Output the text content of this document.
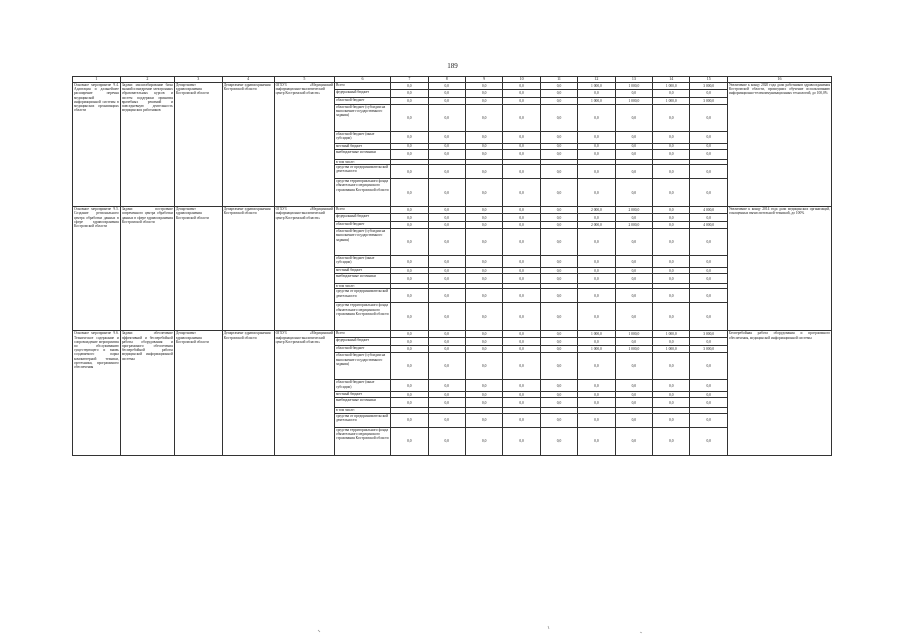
189
1	2	3	4	5	6	7	8	9	10	11	12	13	14	15	16
Основное мероприятие 9.4. Адаптация и дальнейшее расширение перечня медицинской информационной системы в медицинских организациях области	Задачи: масштабирование базы знаний и внедрение электронных образовательных курсов и систем поддержки принятия врачебных решений и повседневную деятельность медицинских работников	Департамент здравоохранения Костромской области	Департамент здравоохранения Костромской области	ОГБУЗ «Медицинский информационно-аналитический центр Костромской области»	Всего	0,0	0,0	0,0	0,0	0,0	1 000,0	1 000,0	1 000,0	3 000,0	Увеличение к концу 2020 года доли работников здравоохранения Костромской области, прошедших обучение использованию информационно-телекоммуникационных технологий, до 100,0%
					федеральный бюджет	0,0	0,0	0,0	0,0	0,0	0,0	0,0	0,0	0,0	
					областной бюджет	0,0	0,0	0,0	0,0	0,0	1 000,0	1 000,0	1 000,0	3 000,0	
					областной бюджет (субсидии на выполнение государственного задания)	0,0	0,0	0,0	0,0	0,0	0,0	0,0	0,0	0,0	
					областной бюджет (иные субсидии)	0,0	0,0	0,0	0,0	0,0	0,0	0,0	0,0	0,0	
					местный бюджет	0,0	0,0	0,0	0,0	0,0	0,0	0,0	0,0	0,0	
					внебюджетные источники	0,0	0,0	0,0	0,0	0,0	0,0	0,0	0,0	0,0	
					в том числе:										
					средства от предпринимательской деятельности	0,0	0,0	0,0	0,0	0,0	0,0	0,0	0,0	0,0	
					средства территориального фонда обязательного медицинского страхования Костромской области	0,0	0,0	0,0	0,0	0,0	0,0	0,0	0,0	0,0	
Основное мероприятие 9.5. Создание регионального центра обработки данных в сфере здравоохранения Костромской области	Задачи: построение современного центра обработки данных в сфере здравоохранения Костромской области	Департамент здравоохранения Костромской области	Департамент здравоохранения Костромской области	ОГБУЗ «Медицинский информационно-аналитический центр Костромской области»	Всего	0,0	0,0	0,0	0,0	0,0	2 000,0	2 000,0	0,0	4 000,0	Увеличение к концу 2014 года доли медицинских организаций, оснащенных вычислительной техникой, до 100%
					федеральный бюджет	0,0	0,0	0,0	0,0	0,0	0,0	0,0	0,0	0,0	
					областной бюджет	0,0	0,0	0,0	0,0	0,0	2 000,0	2 000,0	0,0	4 000,0	
					областной бюджет (субсидии на выполнение государственного задания)	0,0	0,0	0,0	0,0	0,0	0,0	0,0	0,0	0,0	
					областной бюджет (иные субсидии)	0,0	0,0	0,0	0,0	0,0	0,0	0,0	0,0	0,0	
					местный бюджет	0,0	0,0	0,0	0,0	0,0	0,0	0,0	0,0	0,0	
					внебюджетные источники	0,0	0,0	0,0	0,0	0,0	0,0	0,0	0,0	0,0	
					в том числе:										
					средства от предпринимательской деятельности	0,0	0,0	0,0	0,0	0,0	0,0	0,0	0,0	0,0	
					средства территориального фонда обязательного медицинского страхования Костромской области	0,0	0,0	0,0	0,0	0,0	0,0	0,0	0,0	0,0	
Основное мероприятие 9.6. Техническое содержание и сопровождение мероприятия по обслуживанию существующего и вновь создаваемого парка компьютерной техники, оргтехники, программного обеспечения	Задачи: обеспечение эффективной и бесперебойной работы оборудования и программного обеспечения бесперебойной работы медицинской информационной системы	Департамент здравоохранения Костромской области	Департамент здравоохранения Костромской области	ОГБУЗ «Медицинский информационно-аналитический центр Костромской области»	Всего	0,0	0,0	0,0	0,0	0,0	1 000,0	1 000,0	1 000,0	3 000,0	Бесперебойная работа оборудования и программного обеспечения, медицинской информационной системы
					федеральный бюджет	0,0	0,0	0,0	0,0	0,0	0,0	0,0	0,0	0,0	
					областной бюджет	0,0	0,0	0,0	0,0	0,0	1 000,0	1 000,0	1 000,0	3 000,0	
					областной бюджет (субсидии на выполнение государственного задания)	0,0	0,0	0,0	0,0	0,0	0,0	0,0	0,0	0,0	
					областной бюджет (иные субсидии)	0,0	0,0	0,0	0,0	0,0	0,0	0,0	0,0	0,0	
					местный бюджет	0,0	0,0	0,0	0,0	0,0	0,0	0,0	0,0	0,0	
					внебюджетные источники	0,0	0,0	0,0	0,0	0,0	0,0	0,0	0,0	0,0	
					в том числе:										
					средства от предпринимательской деятельности	0,0	0,0	0,0	0,0	0,0	0,0	0,0	0,0	0,0	
					средства территориального фонда обязательного медицинского страхования Костромской области	0,0	0,0	0,0	0,0	0,0	0,0	0,0	0,0	0,0	
